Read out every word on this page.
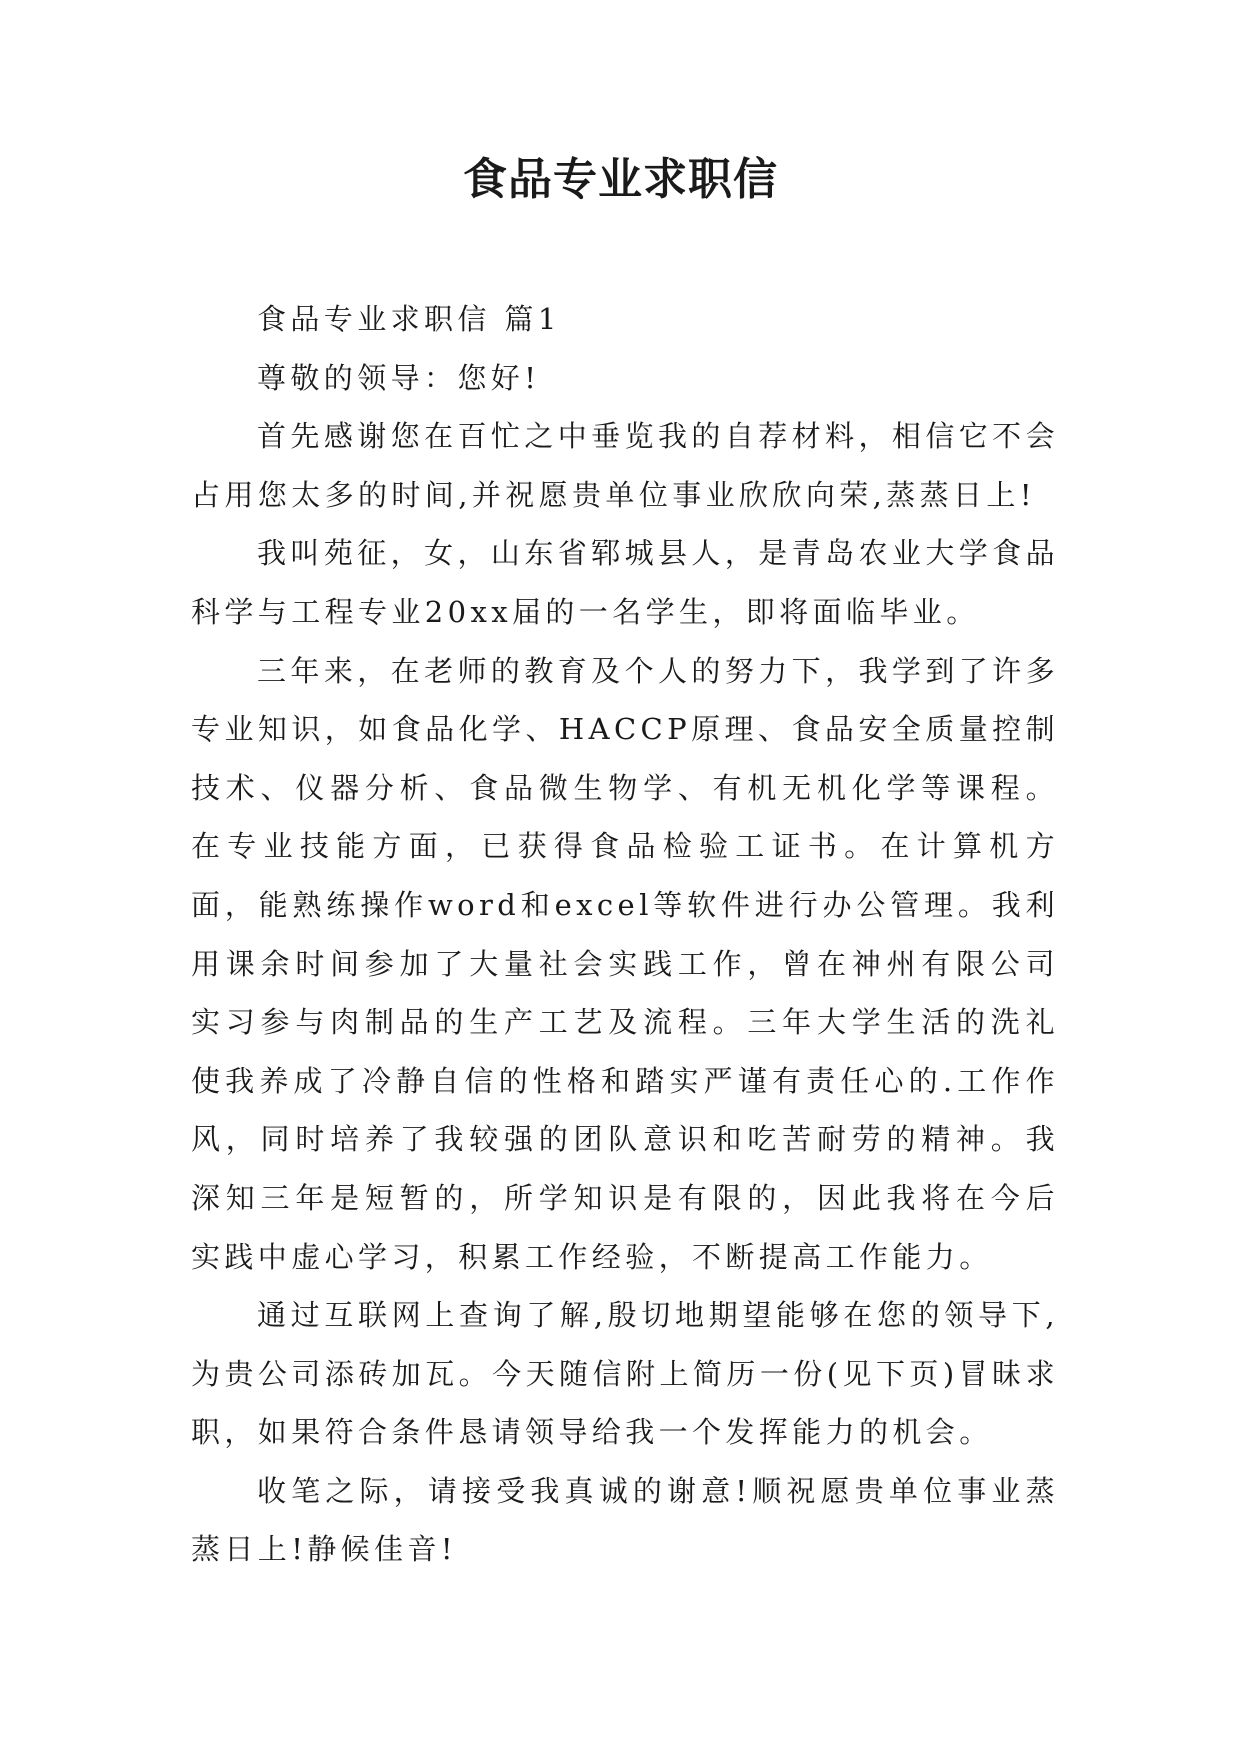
食品专业求职信

食品专业求职信 篇1

尊敬的领导：您好!

首先感谢您在百忙之中垂览我的自荐材料，相信它不会占用您太多的时间,并祝愿贵单位事业欣欣向荣,蒸蒸日上!

我叫苑征，女，山东省郓城县人，是青岛农业大学食品科学与工程专业20xx届的一名学生，即将面临毕业。

三年来，在老师的教育及个人的努力下，我学到了许多专业知识，如食品化学、HACCP原理、食品安全质量控制技术、仪器分析、食品微生物学、有机无机化学等课程。在专业技能方面，已获得食品检验工证书。在计算机方面，能熟练操作word和excel等软件进行办公管理。我利用课余时间参加了大量社会实践工作，曾在神州有限公司实习参与肉制品的生产工艺及流程。三年大学生活的洗礼使我养成了冷静自信的性格和踏实严谨有责任心的.工作作风，同时培养了我较强的团队意识和吃苦耐劳的精神。我深知三年是短暂的，所学知识是有限的，因此我将在今后实践中虚心学习，积累工作经验，不断提高工作能力。

通过互联网上查询了解,殷切地期望能够在您的领导下,为贵公司添砖加瓦。今天随信附上简历一份(见下页)冒昧求职，如果符合条件恳请领导给我一个发挥能力的机会。

收笔之际，请接受我真诚的谢意!顺祝愿贵单位事业蒸蒸日上!静候佳音!
